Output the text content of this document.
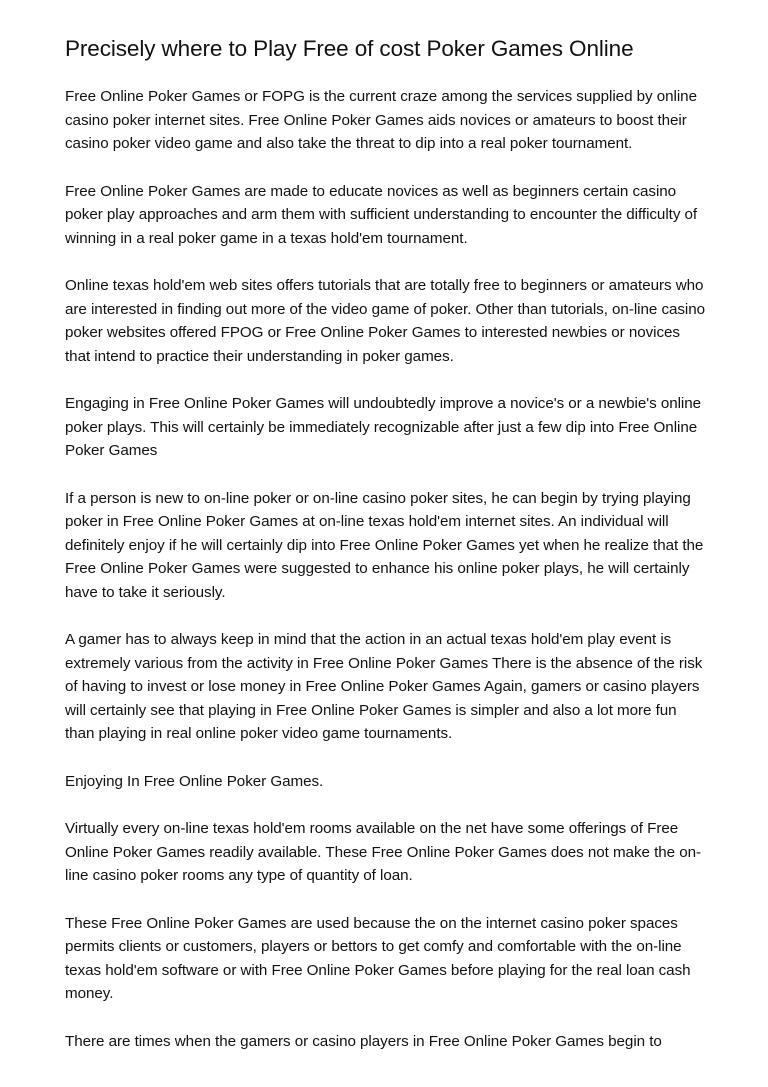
Precisely where to Play Free of cost Poker Games Online

Free Online Poker Games or FOPG is the current craze among the services supplied by online casino poker internet sites. Free Online Poker Games aids novices or amateurs to boost their casino poker video game and also take the threat to dip into a real poker tournament.

Free Online Poker Games are made to educate novices as well as beginners certain casino poker play approaches and arm them with sufficient understanding to encounter the difficulty of winning in a real poker game in a texas hold'em tournament.

Online texas hold'em web sites offers tutorials that are totally free to beginners or amateurs who are interested in finding out more of the video game of poker. Other than tutorials, on-line casino poker websites offered FPOG or Free Online Poker Games to interested newbies or novices that intend to practice their understanding in poker games.

Engaging in Free Online Poker Games will undoubtedly improve a novice's or a newbie's online poker plays. This will certainly be immediately recognizable after just a few dip into Free Online Poker Games

If a person is new to on-line poker or on-line casino poker sites, he can begin by trying playing poker in Free Online Poker Games at on-line texas hold'em internet sites. An individual will definitely enjoy if he will certainly dip into Free Online Poker Games yet when he realize that the Free Online Poker Games were suggested to enhance his online poker plays, he will certainly have to take it seriously.

A gamer has to always keep in mind that the action in an actual texas hold'em play event is extremely various from the activity in Free Online Poker Games There is the absence of the risk of having to invest or lose money in Free Online Poker Games Again, gamers or casino players will certainly see that playing in Free Online Poker Games is simpler and also a lot more fun than playing in real online poker video game tournaments.

Enjoying In Free Online Poker Games.

Virtually every on-line texas hold'em rooms available on the net have some offerings of Free Online Poker Games readily available. These Free Online Poker Games does not make the on-line casino poker rooms any type of quantity of loan.

These Free Online Poker Games are used because the on the internet casino poker spaces permits clients or customers, players or bettors to get comfy and comfortable with the on-line texas hold'em software or with Free Online Poker Games before playing for the real loan cash money.

There are times when the gamers or casino players in Free Online Poker Games begin to
